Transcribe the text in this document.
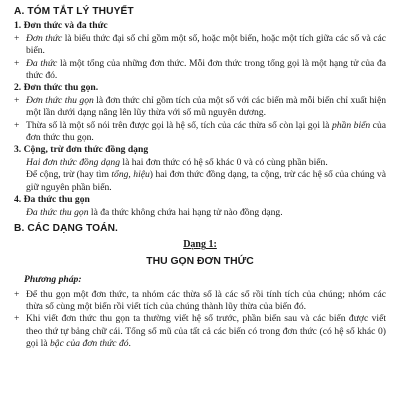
A. TÓM TẮT LÝ THUYẾT
1. Đơn thức và đa thức

+ Đơn thức là biểu thức đại số chỉ gồm một số, hoặc một biến, hoặc một tích giữa các số và các biến.

+ Đa thức là một tổng của những đơn thức. Mỗi đơn thức trong tổng gọi là một hạng tử của đa thức đó.

2. Đơn thức thu gọn.

+ Đơn thức thu gọn là đơn thức chỉ gồm tích của một số với các biến mà mỗi biến chỉ xuất hiện một lần dưới dạng nâng lên lũy thừa với số mũ nguyên dương.

+ Thừa số là một số nói trên được gọi là hệ số, tích của các thừa số còn lại gọi là phần biến của đơn thức thu gọn.

3. Cộng, trừ đơn thức đồng dạng

Hai đơn thức đồng dạng là hai đơn thức có hệ số khác 0 và có cùng phần biến.

Để cộng, trừ (hay tìm tổng, hiệu) hai đơn thức đồng dạng, ta cộng, trừ các hệ số của chúng và giữ nguyên phần biến.

4. Đa thức thu gọn

Đa thức thu gọn là đa thức không chứa hai hạng tử nào đồng dạng.

B. CÁC DẠNG TOÁN.
Dạng 1:
THU GỌN ĐƠN THỨC
Phương pháp:

+ Để thu gọn một đơn thức, ta nhóm các thừa số là các số rồi tính tích của chúng; nhóm các thừa số cùng một biến rồi viết tích của chúng thành lũy thừa của biến đó.

+ Khi viết đơn thức thu gọn ta thường viết hệ số trước, phần biến sau và các biến được viết theo thứ tự bảng chữ cái. Tổng số mũ của tất cả các biến có trong đơn thức (có hệ số khác 0) gọi là bậc của đơn thức đó.
